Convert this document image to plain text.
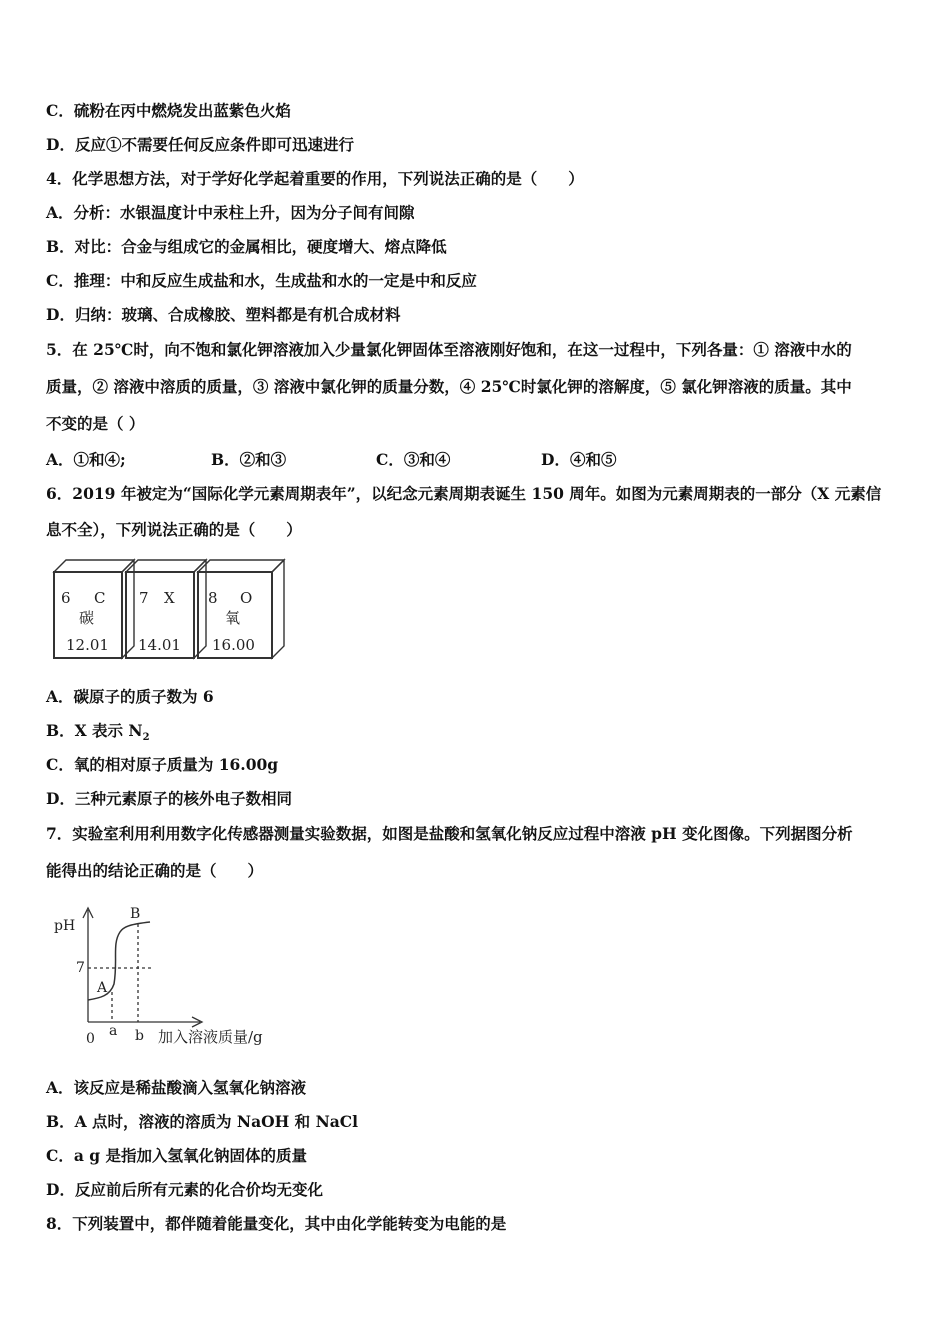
C．硫粉在丙中燃烧发出蓝紫色火焰
D．反应①不需要任何反应条件即可迅速进行
4．化学思想方法，对于学好化学起着重要的作用，下列说法正确的是（　　）
A．分析：水银温度计中汞柱上升，因为分子间有间隙
B．对比：合金与组成它的金属相比，硬度增大、熔点降低
C．推理：中和反应生成盐和水，生成盐和水的一定是中和反应
D．归纳：玻璃、合成橡胶、塑料都是有机合成材料
5．在 25℃时，向不饱和氯化钾溶液加入少量氯化钾固体至溶液刚好饱和，在这一过程中，下列各量：① 溶液中水的
质量，② 溶液中溶质的质量，③ 溶液中氯化钾的质量分数，④ 25℃时氯化钾的溶解度，⑤ 氯化钾溶液的质量。其中
不变的是（ ）
A．①和④;	B．②和③	C．③和④	D．④和⑤
6．2019 年被定为“国际化学元素周期表年”，以纪念元素周期表诞生 150 周年。如图为元素周期表的一部分（X 元素信
息不全），下列说法正确的是（　　）
6 C
碳
12.01
7 X
14.01
8 O
氧
16.00
A．碳原子的质子数为 6
B．X 表示 $N_2$
C．氧的相对原子质量为 16.00g
D．三种元素原子的核外电子数相同
7．实验室利用利用数字化传感器测量实验数据，如图是盐酸和氢氧化钠反应过程中溶液 pH 变化图像。下列据图分析
能得出的结论正确的是（　　）
pH
7
A
B
0 a b 加入溶液质量/g
A．该反应是稀盐酸滴入氢氧化钠溶液
B．A 点时，溶液的溶质为 NaOH 和 NaCl
C．a g 是指加入氢氧化钠固体的质量
D．反应前后所有元素的化合价均无变化
8．下列装置中，都伴随着能量变化，其中由化学能转变为电能的是
